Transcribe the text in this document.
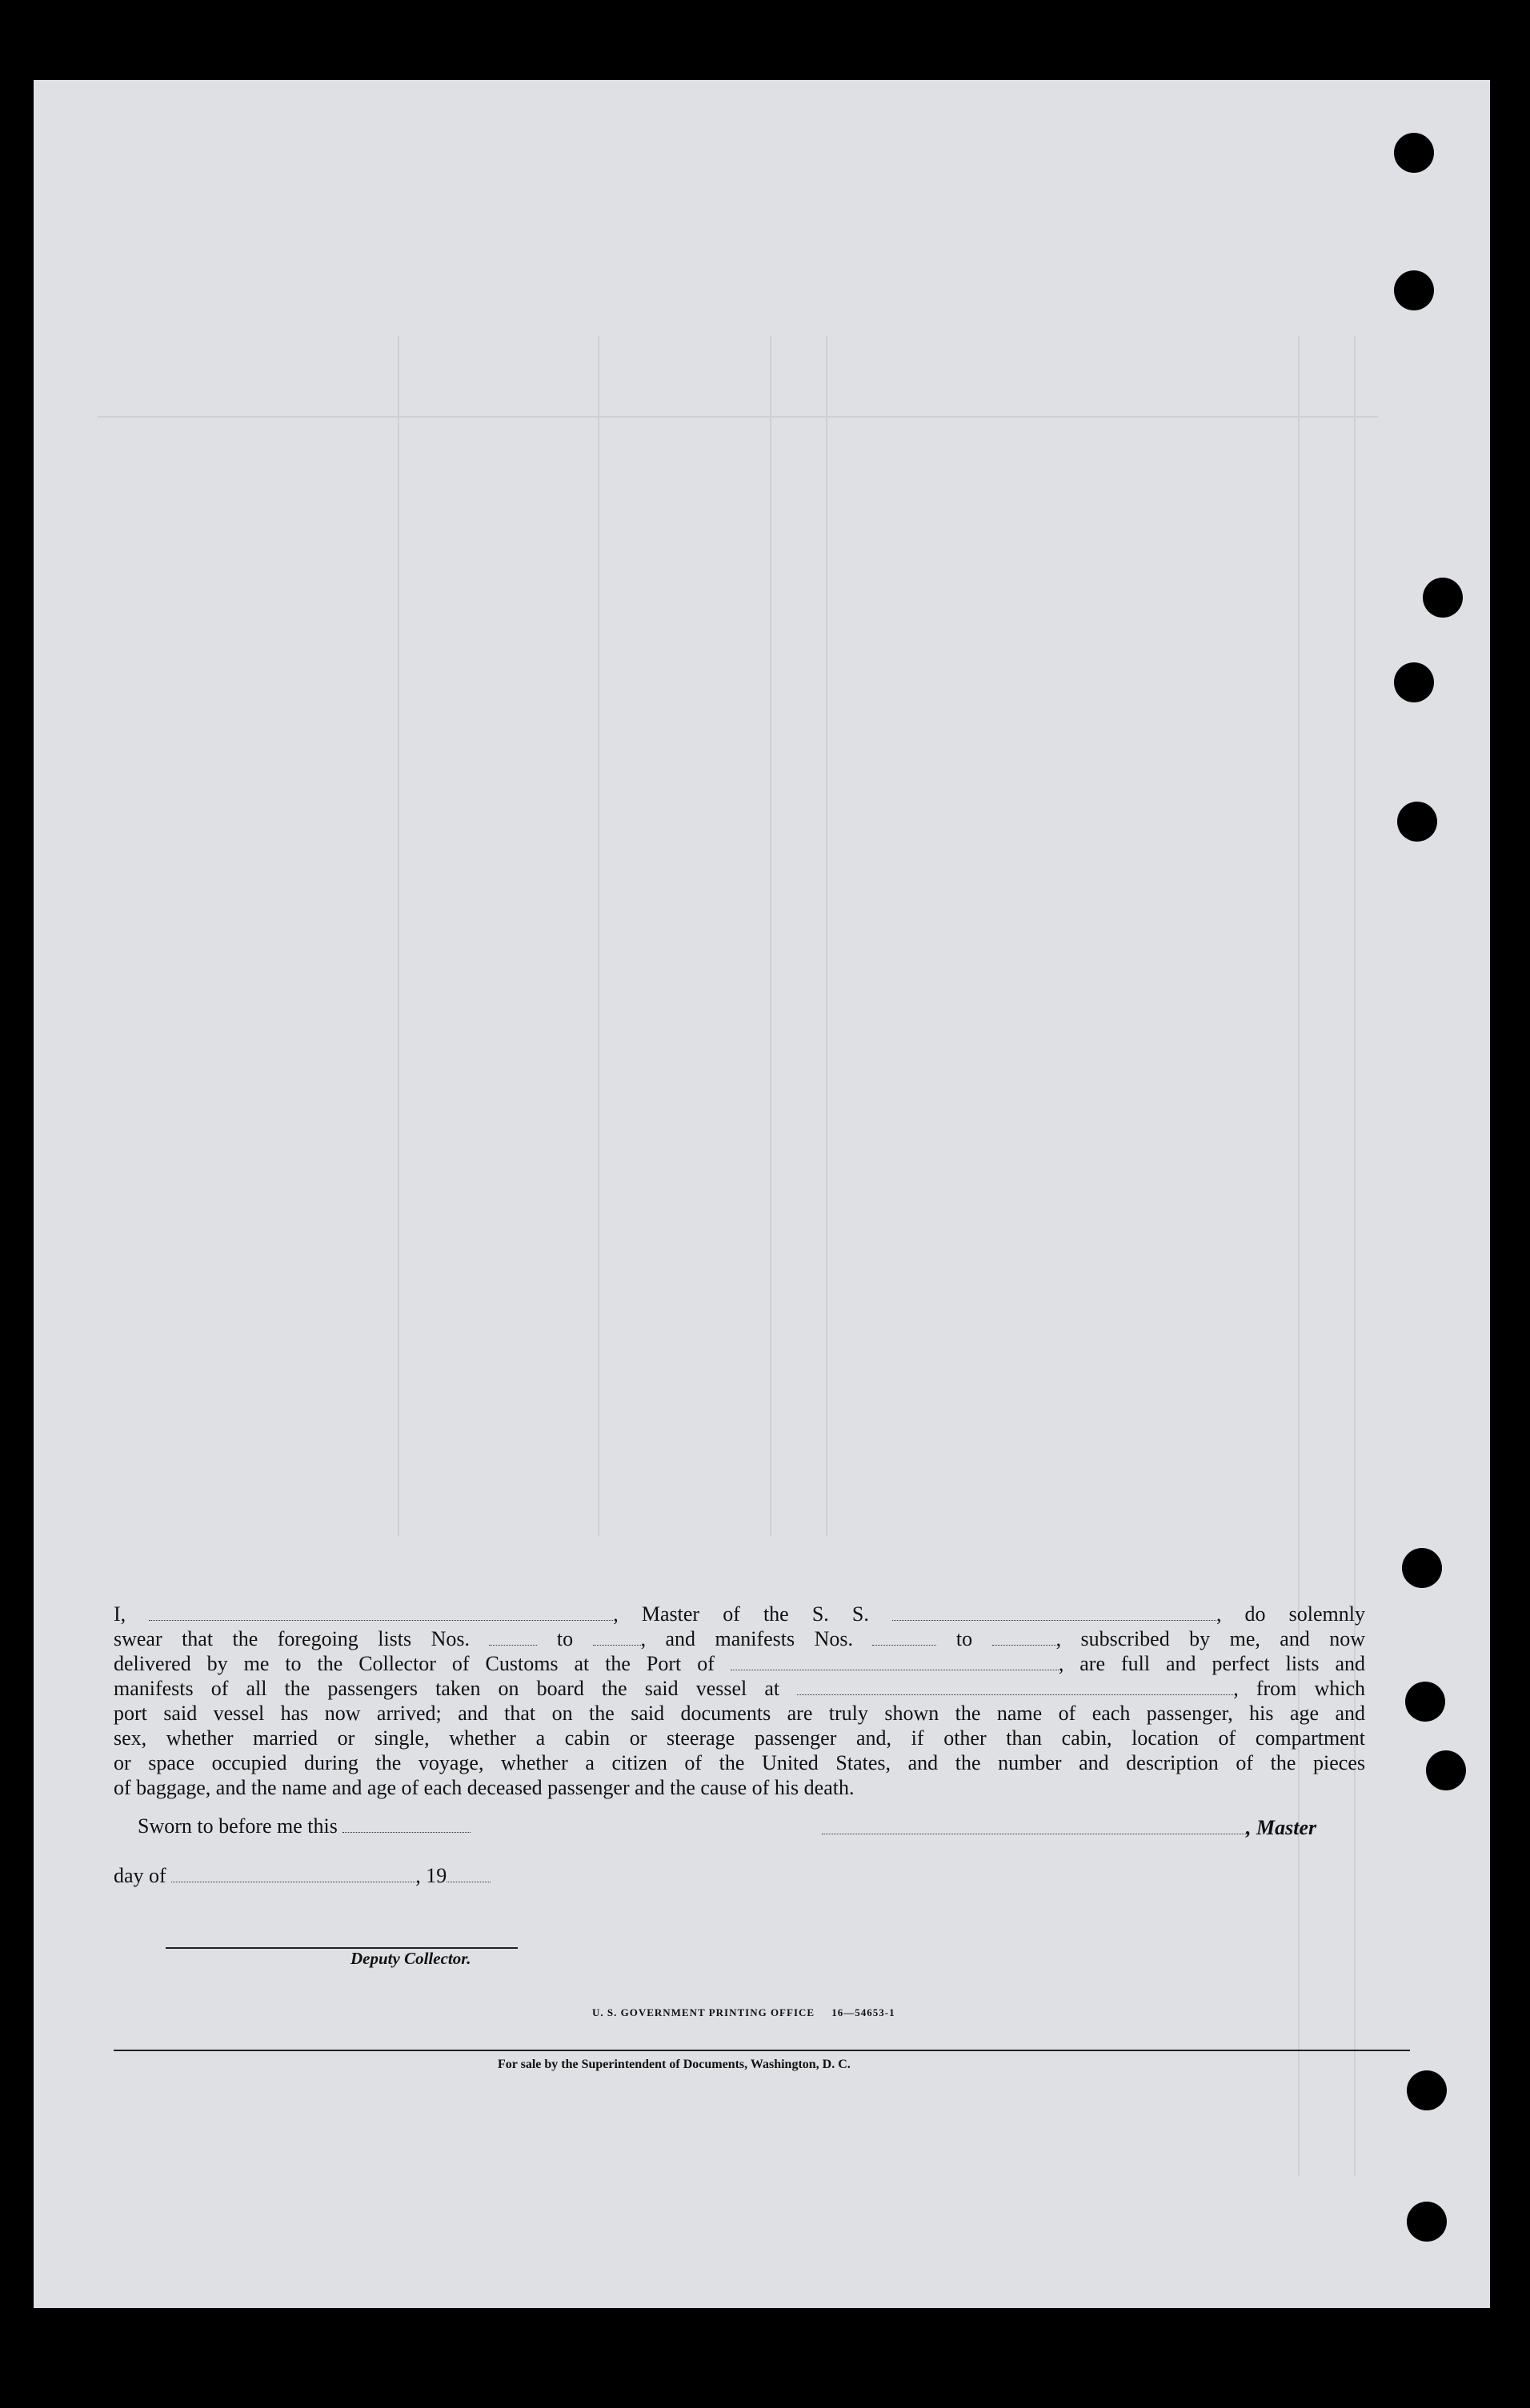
I,	, Master of the S. S.	, do solemnly
swear that the foregoing lists Nos.	to	, and manifests Nos.	to	, subscribed by me, and now
delivered by me to the Collector of Customs at the Port of	, are full and perfect lists and
manifests of all the passengers taken on board the said vessel at	, from which
port said vessel has now arrived; and that on the said documents are truly shown the name of each passenger, his age and
sex, whether married or single, whether a cabin or steerage passenger and, if other than cabin, location of compartment
or space occupied during the voyage, whether a citizen of the United States, and the number and description of the pieces
of baggage, and the name and age of each deceased passenger and the cause of his death.
Sworn to before me this	, Master
day of	, 19
Deputy Collector.
U. S. GOVERNMENT PRINTING OFFICE     16—54653-1
For sale by the Superintendent of Documents, Washington, D. C.
